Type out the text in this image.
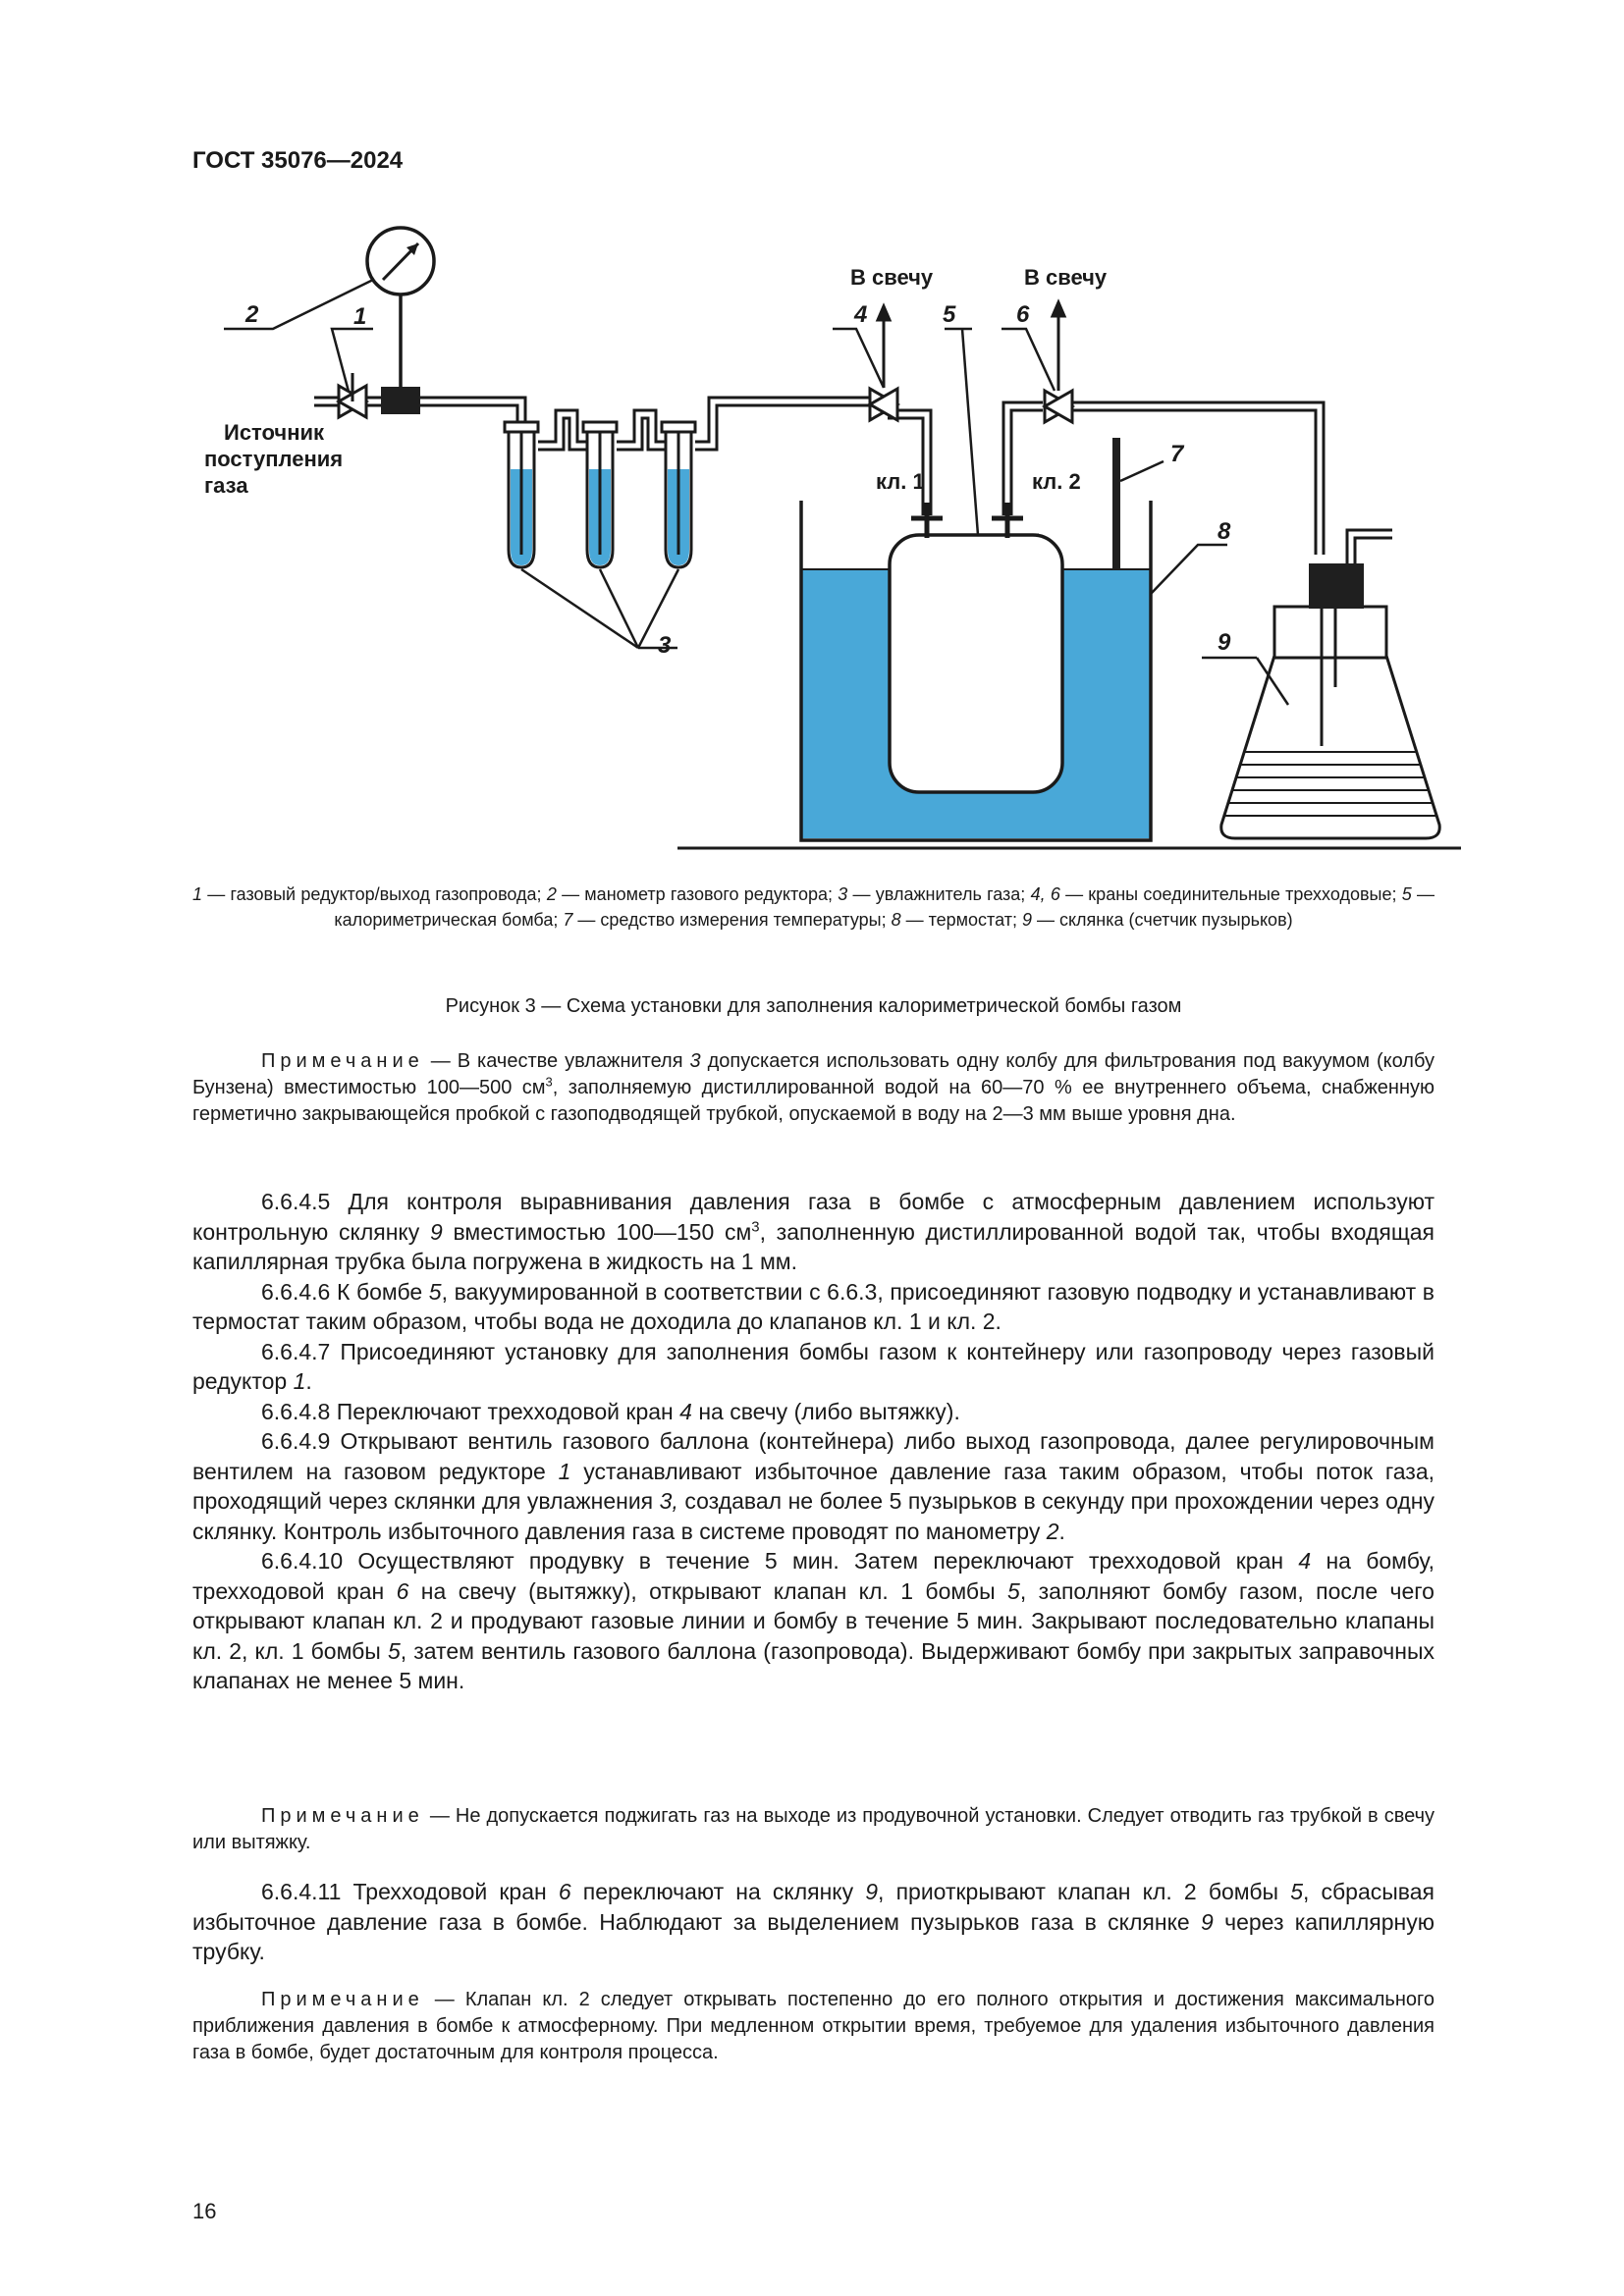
ГОСТ 35076—2024
Источник
поступления
газа
В свечу	В свечу
кл. 1	кл. 2
1
2
3
4	5	6
7
8
9
1 — газовый редуктор/выход газопровода; 2 — манометр газового редуктора; 3 — увлажнитель газа; 4, 6 — краны соединительные трехходовые; 5 — калориметрическая бомба; 7 — средство измерения температуры; 8 — термостат; 9 — склянка (счетчик пузырьков)
Рисунок 3 — Схема установки для заполнения калориметрической бомбы газом
Примечание — В качестве увлажнителя 3 допускается использовать одну колбу для фильтрования под вакуумом (колбу Бунзена) вместимостью 100—500 $см^3$, заполняемую дистиллированной водой на 60—70 % ее внутреннего объема, снабженную герметично закрывающейся пробкой с газоподводящей трубкой, опускаемой в воду на 2—3 мм выше уровня дна.

6.6.4.5 Для контроля выравнивания давления газа в бомбе с атмосферным давлением используют контрольную склянку 9 вместимостью 100—150 $см^3$, заполненную дистиллированной водой так, чтобы входящая капиллярная трубка была погружена в жидкость на 1 мм.

6.6.4.6 К бомбе 5, вакуумированной в соответствии с 6.6.3, присоединяют газовую подводку и устанавливают в термостат таким образом, чтобы вода не доходила до клапанов кл. 1 и кл. 2.

6.6.4.7 Присоединяют установку для заполнения бомбы газом к контейнеру или газопроводу через газовый редуктор 1.

6.6.4.8 Переключают трехходовой кран 4 на свечу (либо вытяжку).

6.6.4.9 Открывают вентиль газового баллона (контейнера) либо выход газопровода, далее регулировочным вентилем на газовом редукторе 1 устанавливают избыточное давление газа таким образом, чтобы поток газа, проходящий через склянки для увлажнения 3, создавал не более 5 пузырьков в секунду при прохождении через одну склянку. Контроль избыточного давления газа в системе проводят по манометру 2.

6.6.4.10 Осуществляют продувку в течение 5 мин. Затем переключают трехходовой кран 4 на бомбу, трехходовой кран 6 на свечу (вытяжку), открывают клапан кл. 1 бомбы 5, заполняют бомбу газом, после чего открывают клапан кл. 2 и продувают газовые линии и бомбу в течение 5 мин. Закрывают последовательно клапаны кл. 2, кл. 1 бомбы 5, затем вентиль газового баллона (газопровода). Выдерживают бомбу при закрытых заправочных клапанах не менее 5 мин.

Примечание — Не допускается поджигать газ на выходе из продувочной установки. Следует отводить газ трубкой в свечу или вытяжку.

6.6.4.11 Трехходовой кран 6 переключают на склянку 9, приоткрывают клапан кл. 2 бомбы 5, сбрасывая избыточное давление газа в бомбе. Наблюдают за выделением пузырьков газа в склянке 9 через капиллярную трубку.

Примечание — Клапан кл. 2 следует открывать постепенно до его полного открытия и достижения максимального приближения давления в бомбе к атмосферному. При медленном открытии время, требуемое для удаления избыточного давления газа в бомбе, будет достаточным для контроля процесса.
16
